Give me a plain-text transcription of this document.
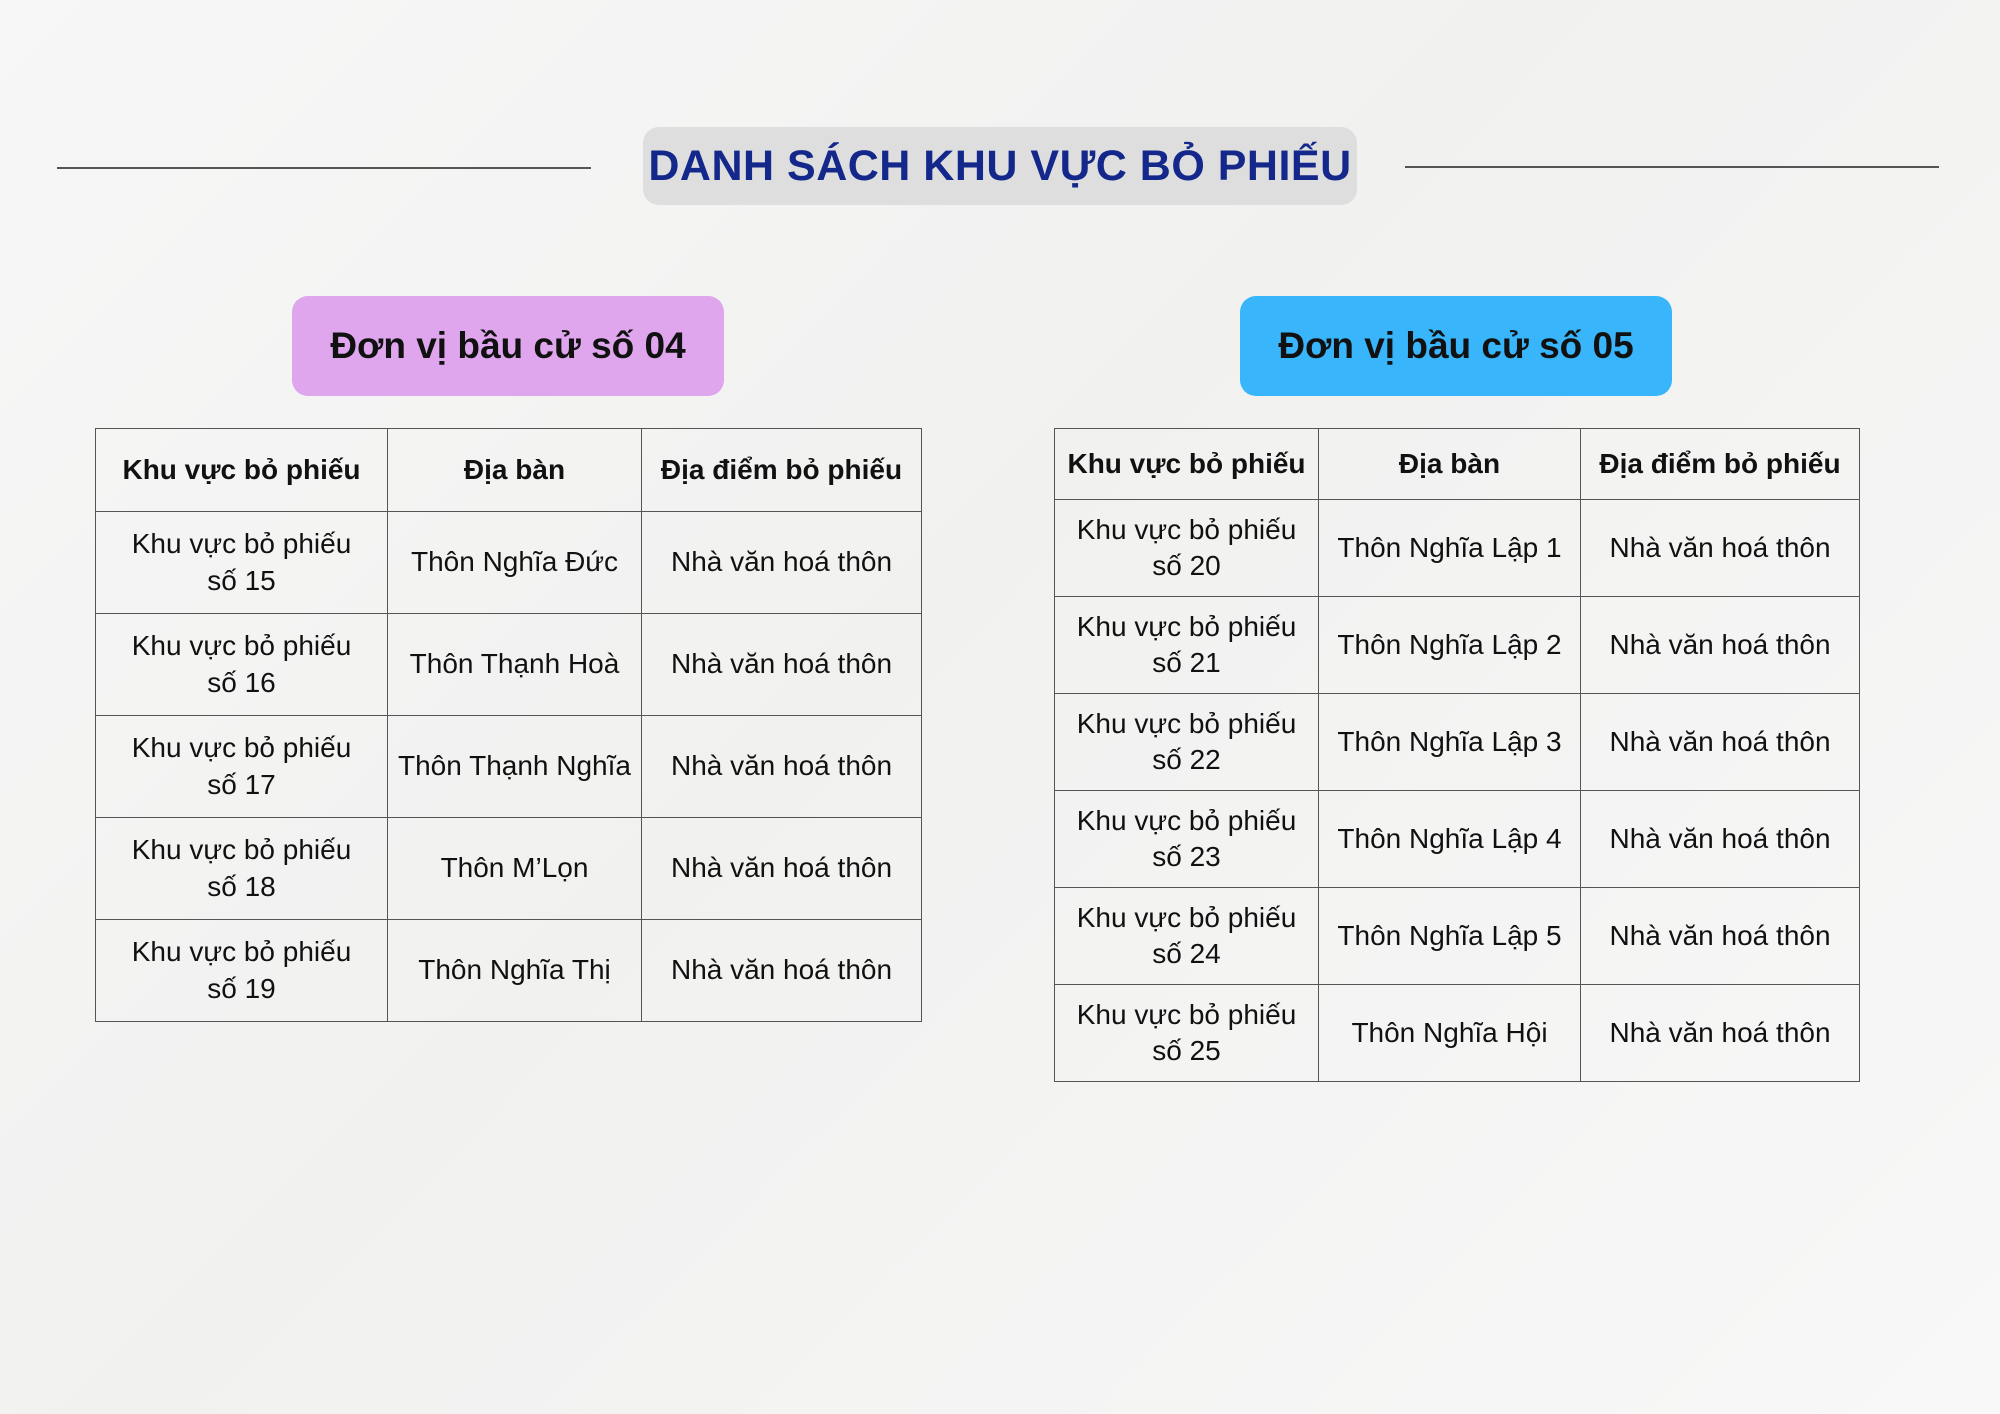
DANH SÁCH KHU VỰC BỎ PHIẾU
Đơn vị bầu cử số 04	Đơn vị bầu cử số 05
Khu vực bỏ phiếu	Địa bàn	Địa điểm bỏ phiếu

Khu vực bỏ phiếu
số 15	Thôn Nghĩa Đức	Nhà văn hoá thôn

Khu vực bỏ phiếu
số 16	Thôn Thạnh Hoà	Nhà văn hoá thôn

Khu vực bỏ phiếu
số 17	Thôn Thạnh Nghĩa	Nhà văn hoá thôn

Khu vực bỏ phiếu
số 18	Thôn M’Lọn	Nhà văn hoá thôn

Khu vực bỏ phiếu
số 19	Thôn Nghĩa Thị	Nhà văn hoá thôn
Khu vực bỏ phiếu	Địa bàn	Địa điểm bỏ phiếu

Khu vực bỏ phiếu
số 20	Thôn Nghĩa Lập 1	Nhà văn hoá thôn

Khu vực bỏ phiếu
số 21	Thôn Nghĩa Lập 2	Nhà văn hoá thôn

Khu vực bỏ phiếu
số 22	Thôn Nghĩa Lập 3	Nhà văn hoá thôn

Khu vực bỏ phiếu
số 23	Thôn Nghĩa Lập 4	Nhà văn hoá thôn

Khu vực bỏ phiếu
số 24	Thôn Nghĩa Lập 5	Nhà văn hoá thôn

Khu vực bỏ phiếu
số 25	Thôn Nghĩa Hội	Nhà văn hoá thôn
